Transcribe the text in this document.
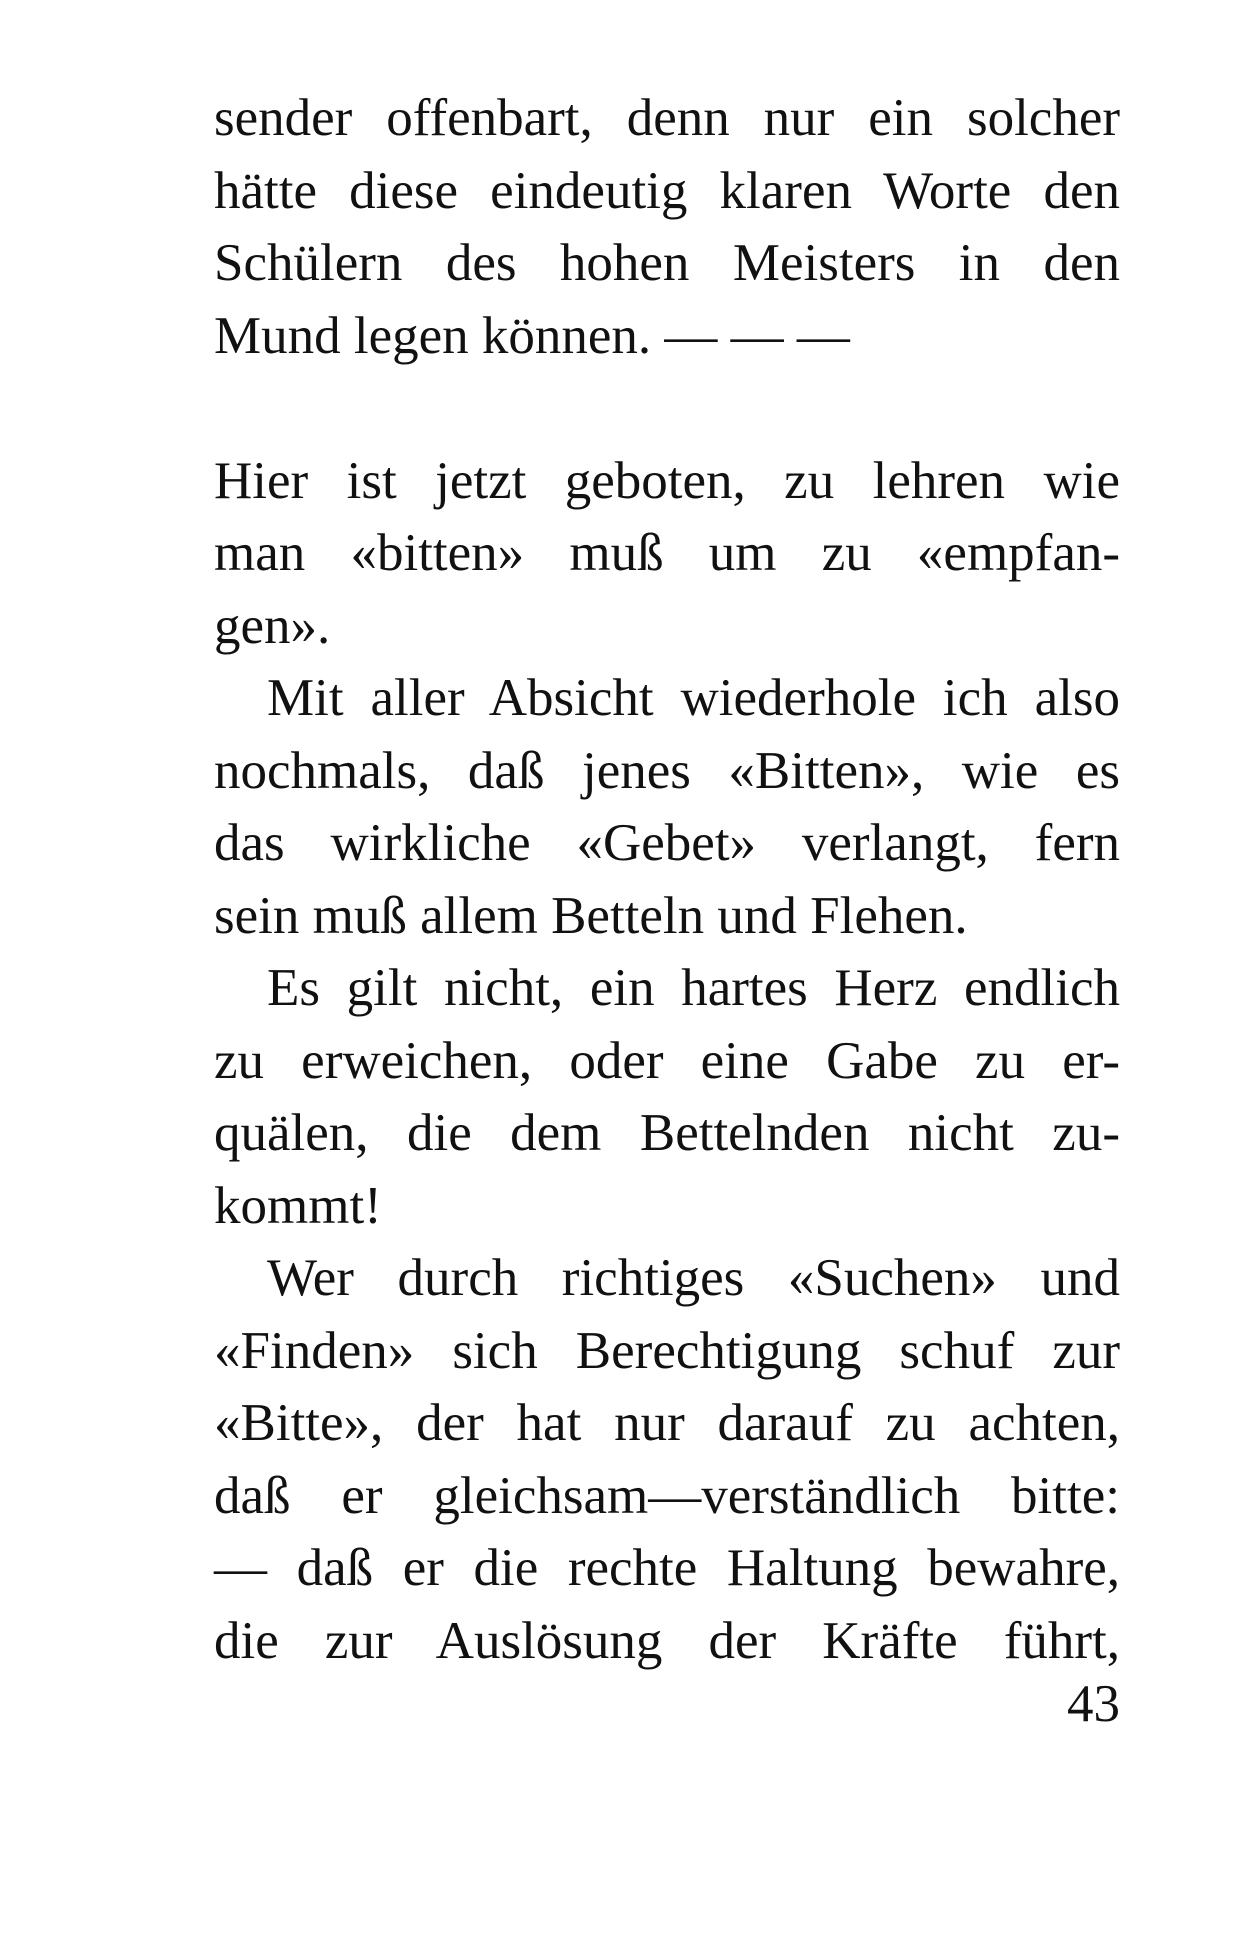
sender offenbart, denn nur ein solcher
hätte diese eindeutig klaren Worte den
Schülern des hohen Meisters in den
Mund legen können. — — —
Hier ist jetzt geboten, zu lehren wie
man «bitten» muß um zu «empfan-
gen».
Mit aller Absicht wiederhole ich also
nochmals, daß jenes «Bitten», wie es
das wirkliche «Gebet» verlangt, fern
sein muß allem Betteln und Flehen.
Es gilt nicht, ein hartes Herz endlich
zu erweichen, oder eine Gabe zu er-
quälen, die dem Bettelnden nicht zu-
kommt!
Wer durch richtiges «Suchen» und
«Finden» sich Berechtigung schuf zur
«Bitte», der hat nur darauf zu achten,
daß er gleichsam—verständlich bitte:
— daß er die rechte Haltung bewahre,
die zur Auslösung der Kräfte führt,
43
